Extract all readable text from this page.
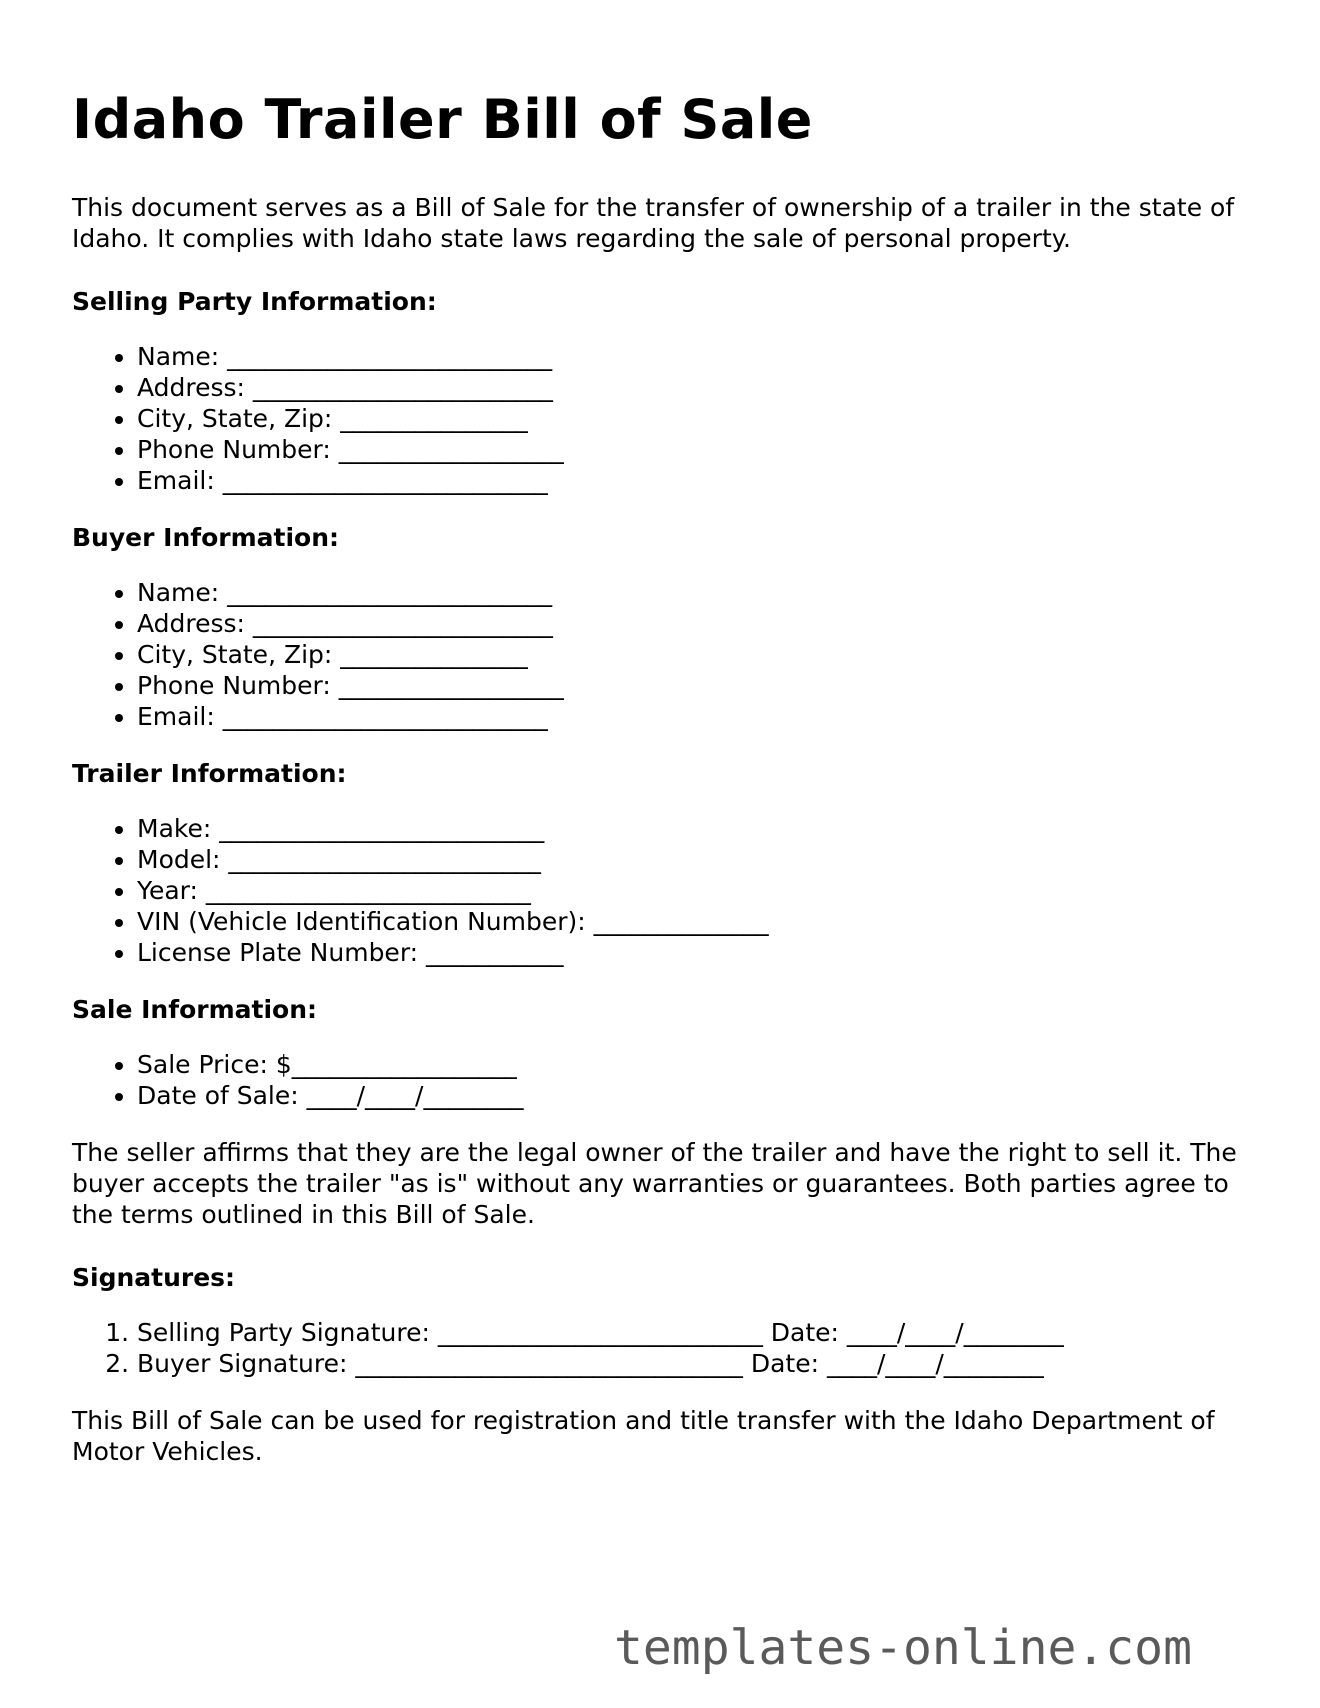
Idaho Trailer Bill of Sale

This document serves as a Bill of Sale for the transfer of ownership of a trailer in the state of Idaho. It complies with Idaho state laws regarding the sale of personal property.

Selling Party Information:
• Name: __________________________
• Address: ________________________
• City, State, Zip: _______________
• Phone Number: __________________
• Email: __________________________
Buyer Information:
• Name: __________________________
• Address: ________________________
• City, State, Zip: _______________
• Phone Number: __________________
• Email: __________________________
Trailer Information:
• Make: __________________________
• Model: _________________________
• Year: __________________________
• VIN (Vehicle Identification Number): ______________
• License Plate Number: ___________
Sale Information:
• Sale Price: $__________________
• Date of Sale: ____/____/________

The seller affirms that they are the legal owner of the trailer and have the right to sell it. The buyer accepts the trailer "as is" without any warranties or guarantees. Both parties agree to the terms outlined in this Bill of Sale.

Signatures:
1. Selling Party Signature: __________________________ Date: ____/____/________
2. Buyer Signature: _______________________________ Date: ____/____/________

This Bill of Sale can be used for registration and title transfer with the Idaho Department of Motor Vehicles.

templates-online.com
